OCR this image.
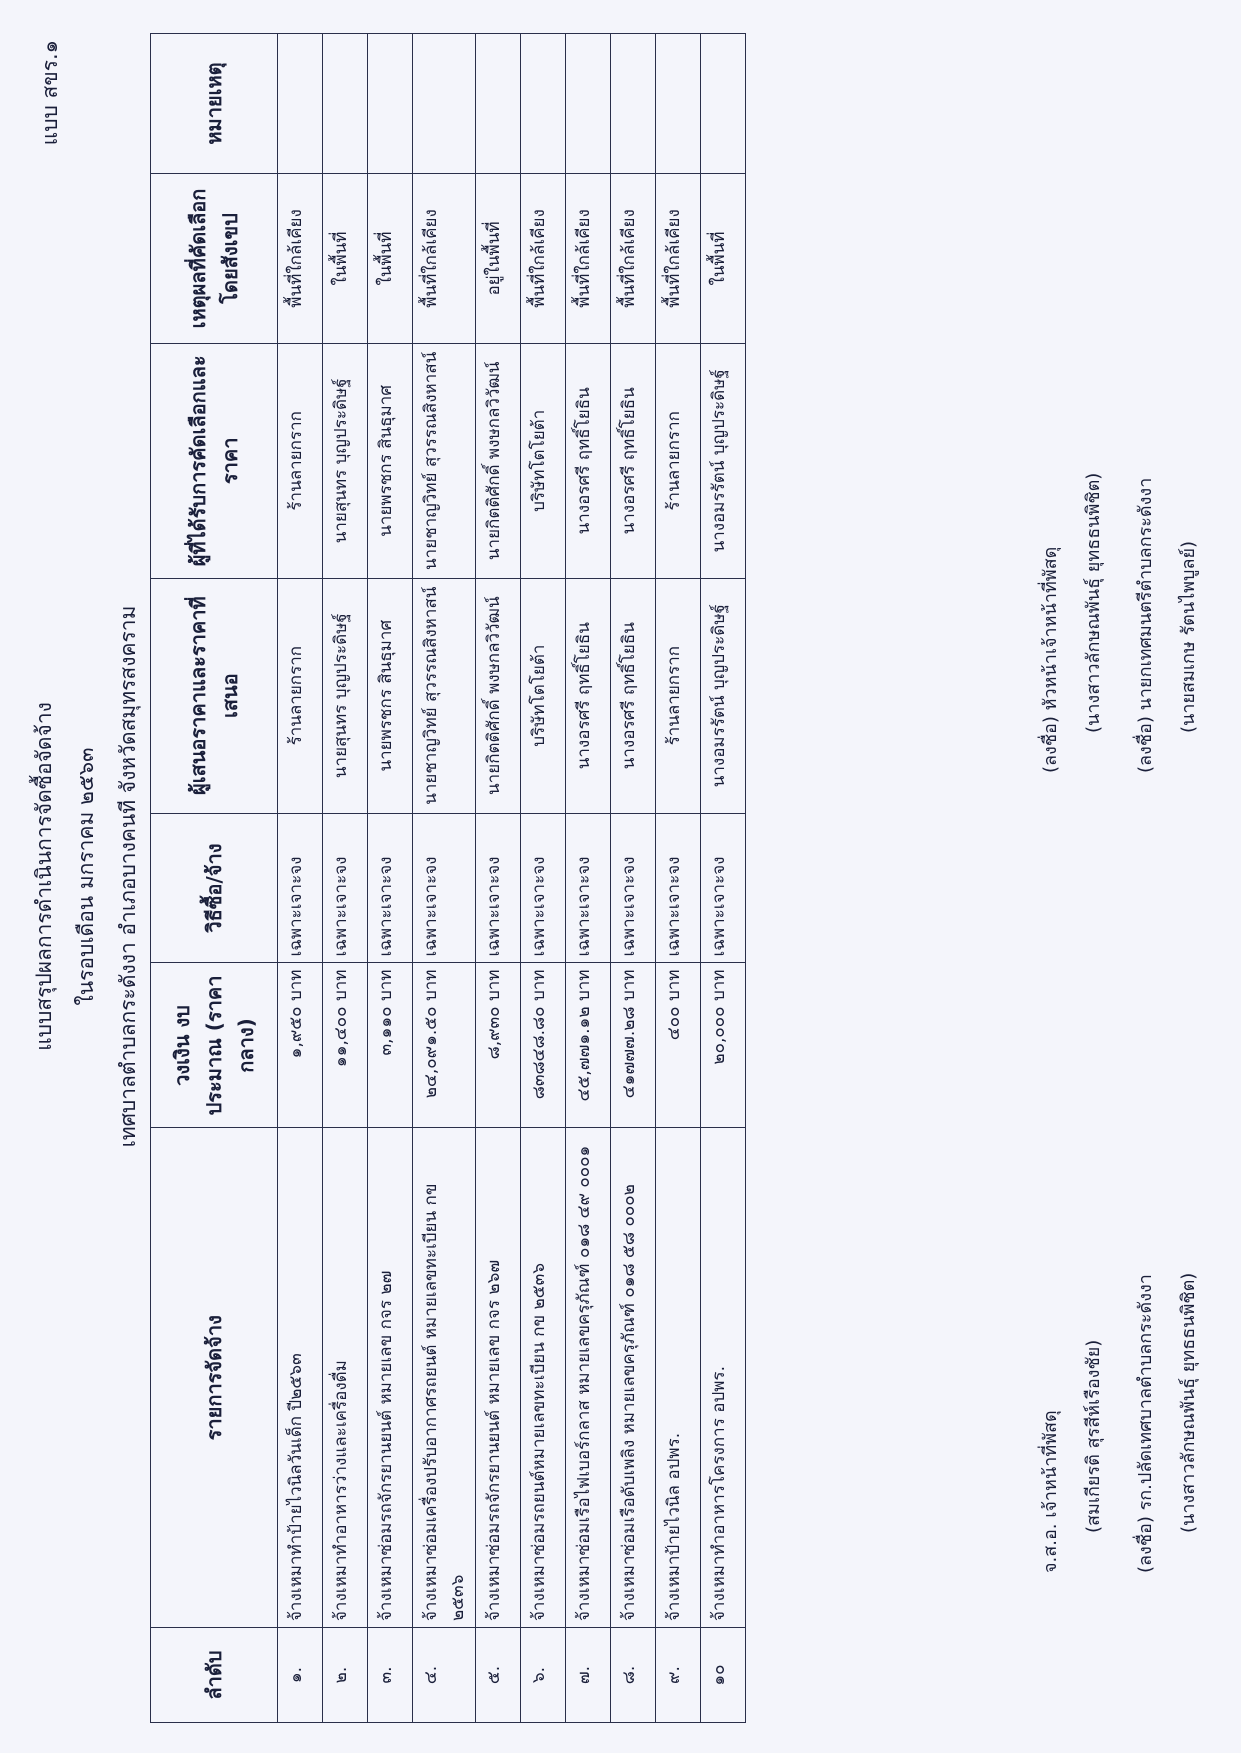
แบบ สขร.๑
แบบสรุปผลการดำเนินการจัดซื้อจัดจ้าง ในรอบเดือน มกราคม ๒๕๖๓ เทศบาลตำบลกระดังงา อำเภอบางคนที จังหวัดสมุทรสงคราม
ลำดับ	รายการจัดจ้าง	วงเงิน งบประมาณ (ราคากลาง)	วิธีซื้อ/จ้าง	ผู้เสนอราคาและราคาที่เสนอ	ผู้ที่ได้รับการคัดเลือกและราคา	เหตุผลที่คัดเลือกโดยสังเขป	หมายเหตุ
๑.	จ้างเหมาทำป้ายไวนิลวันเด็ก ปี๒๕๖๓	๑,๙๕๐ บาท	เฉพาะเจาะจง	ร้านลายกราก	ร้านลายกราก	พื้นที่ใกล้เคียง	
๒.	จ้างเหมาทำอาหารว่างและเครื่องดื่ม	๑๑,๔๐๐ บาท	เฉพาะเจาะจง	นายสุนทร บุญประดิษฐ์	นายสุนทร บุญประดิษฐ์	ในพื้นที่	
๓.	จ้างเหมาซ่อมรถจักรยานยนต์ หมายเลข กจร ๒๗	๓,๑๑๐ บาท	เฉพาะเจาะจง	นายพรชกร สินธุมาศ	นายพรชกร สินธุมาศ	ในพื้นที่	
๔.	จ้างเหมาซ่อมเครื่องปรับอากาศรถยนต์ หมายเลขทะเบียน กข ๒๕๓๖	๒๔,๐๙๑.๕๐ บาท	เฉพาะเจาะจง	นายชาญวิทย์ สุวรรณสิงหาสน์	นายชาญวิทย์ สุวรรณสิงหาสน์	พื้นที่ใกล้เคียง	
๕.	จ้างเหมาซ่อมรถจักรยานยนต์ หมายเลข กจร ๒๖๗	๘,๙๓๐ บาท	เฉพาะเจาะจง	นายกิตติศักดิ์ พงษกลวิวัฒน์	นายกิตติศักดิ์ พงษกลวิวัฒน์	อยู่ในพื้นที่	
๖.	จ้างเหมาซ่อมรถยนต์หมายเลขทะเบียน กข ๒๕๓๖	๘๓๘๔๘.๘๐ บาท	เฉพาะเจาะจง	บริษัทโตโยต้า	บริษัทโตโยต้า	พื้นที่ใกล้เคียง	
๗.	จ้างเหมาซ่อมเรือไฟเบอร์กลาส หมายเลขครุภัณฑ์ ๐๑๘ ๔๙ ๐๐๐๑	๔๕,๗๗๑.๑๒ บาท	เฉพาะเจาะจง	นางอรศรี ฤทธิ์โยธิน	นางอรศรี ฤทธิ์โยธิน	พื้นที่ใกล้เคียง	
๘.	จ้างเหมาซ่อมเรือดับเพลิง หมายเลขครุภัณฑ์ ๐๑๘ ๕๘ ๐๐๐๒	๔๑๗๗๗.๒๘ บาท	เฉพาะเจาะจง	นางอรศรี ฤทธิ์โยธิน	นางอรศรี ฤทธิ์โยธิน	พื้นที่ใกล้เคียง	
๙.	จ้างเหมาป้ายไวนิล อปพร.	๔๐๐ บาท	เฉพาะเจาะจง	ร้านลายกราก	ร้านลายกราก	พื้นที่ใกล้เคียง	
๑๐	จ้างเหมาทำอาหารโครงการ อปพร.	๒๐,๐๐๐ บาท	เฉพาะเจาะจง	นางอมรรัตน์ บุญประดิษฐ์	นางอมรรัตน์ บุญประดิษฐ์	ในพื้นที่	
จ.ส.อ. เจ้าหน้าที่พัสดุ (สมเกียรติ สุรสีห์เรืองชัย)
(ลงชื่อ) หัวหน้าเจ้าหน้าที่พัสดุ (นางสาวลักษณพันธุ์ ยุทธธนพิชิต)
(ลงชื่อ) รก.ปลัดเทศบาลตำบลกระดังงา (นางสาวลักษณพันธุ์ ยุทธธนพิชิต)
(ลงชื่อ) นายกเทศมนตรีตำบลกระดังงา (นายสมเกษ รัตนไพบูลย์)
